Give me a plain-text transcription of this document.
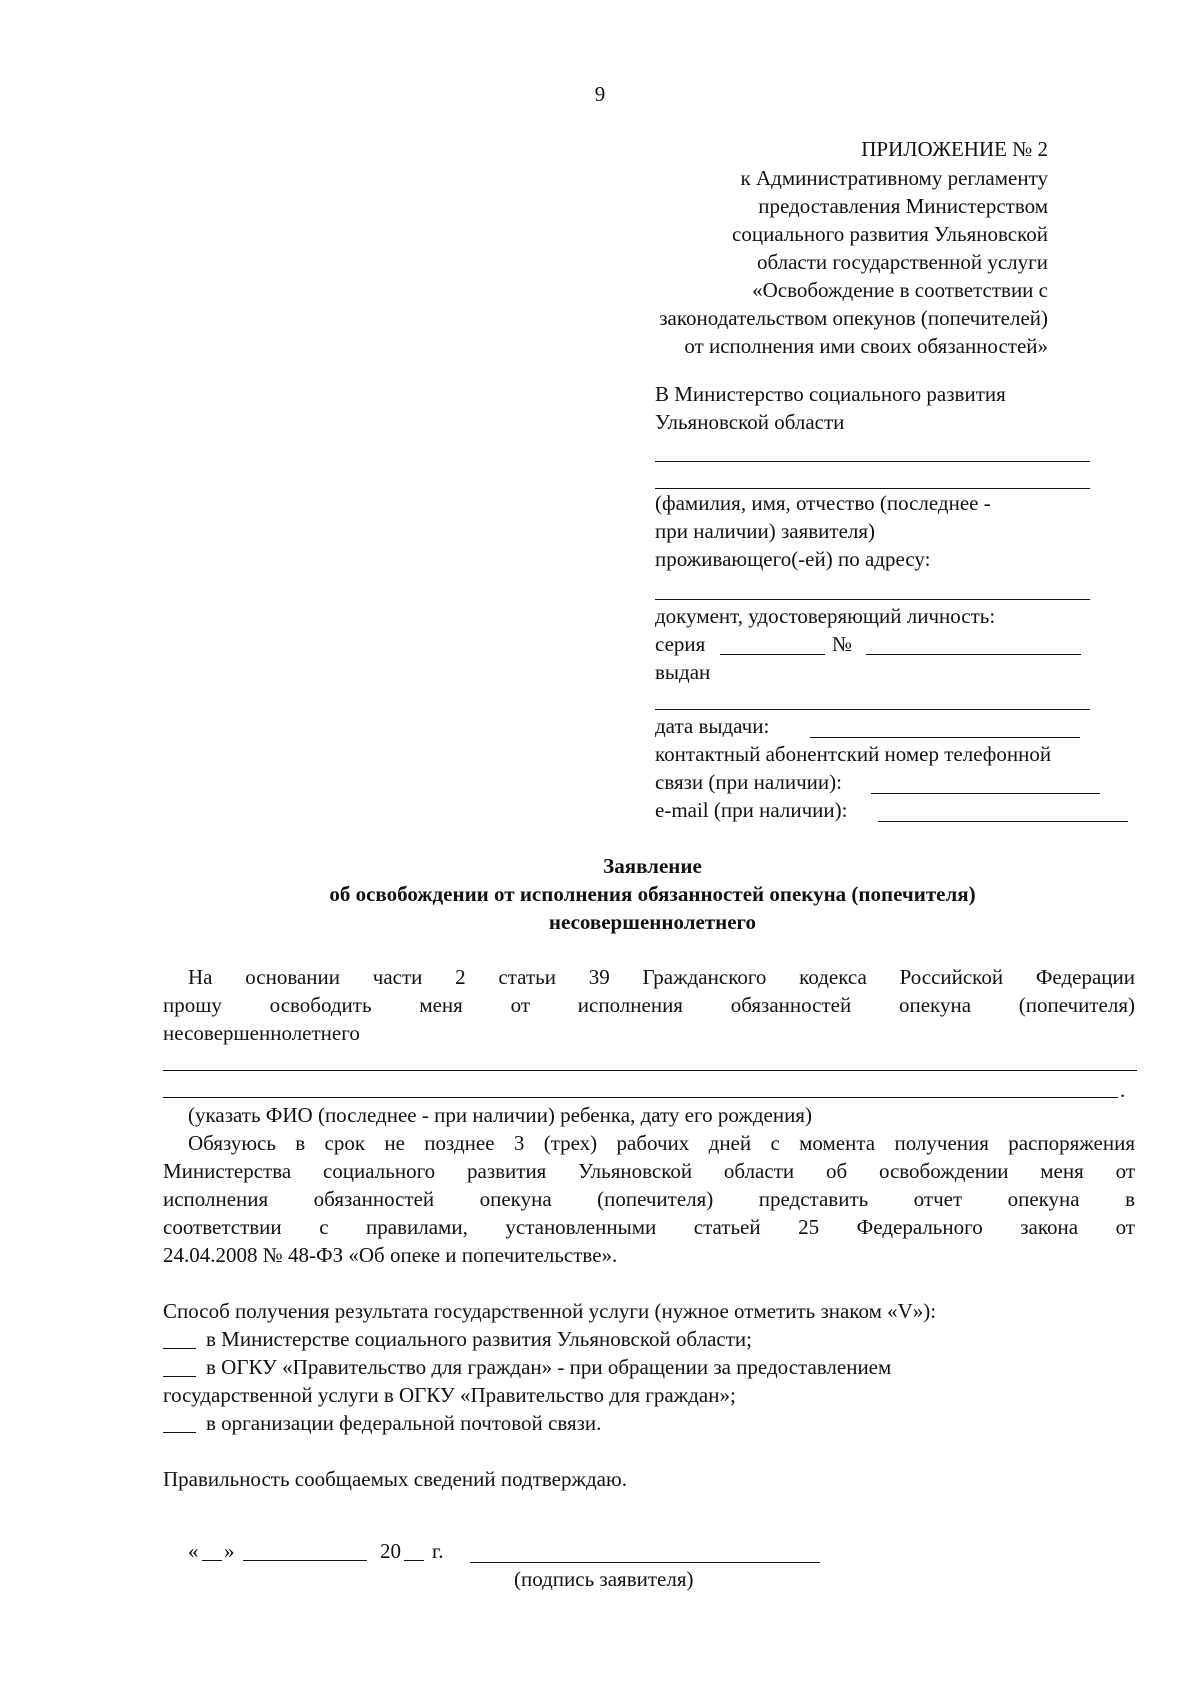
9
ПРИЛОЖЕНИЕ № 2
к Административному регламенту
предоставления Министерством
социального развития Ульяновской
области государственной услуги
«Освобождение в соответствии с
законодательством опекунов (попечителей)
от исполнения ими своих обязанностей»
В Министерство социального развития
Ульяновской области
(фамилия, имя, отчество (последнее -
при наличии) заявителя)
проживающего(-ей) по адресу:
документ, удостоверяющий личность:
серия	№
выдан
дата выдачи:
контактный абонентский номер телефонной
связи (при наличии):
e-mail (при наличии):
Заявление
об освобождении от исполнения обязанностей опекуна (попечителя)
несовершеннолетнего
На основании части 2 статьи 39 Гражданского кодекса Российской Федерации
прошу освободить меня от исполнения обязанностей опекуна (попечителя)
несовершеннолетнего
.
(указать ФИО (последнее - при наличии) ребенка, дату его рождения)
Обязуюсь в срок не позднее 3 (трех) рабочих дней с момента получения распоряжения
Министерства социального развития Ульяновской области об освобождении меня от
исполнения обязанностей опекуна (попечителя) представить отчет опекуна в
соответствии с правилами, установленными статьей 25 Федерального закона от
24.04.2008 № 48-ФЗ «Об опеке и попечительстве».
Способ получения результата государственной услуги (нужное отметить знаком «V»):
в Министерстве социального развития Ульяновской области;
в ОГКУ «Правительство для граждан» - при обращении за предоставлением
государственной услуги в ОГКУ «Правительство для граждан»;
в организации федеральной почтовой связи.
Правильность сообщаемых сведений подтверждаю.
« »	20 г.
(подпись заявителя)
